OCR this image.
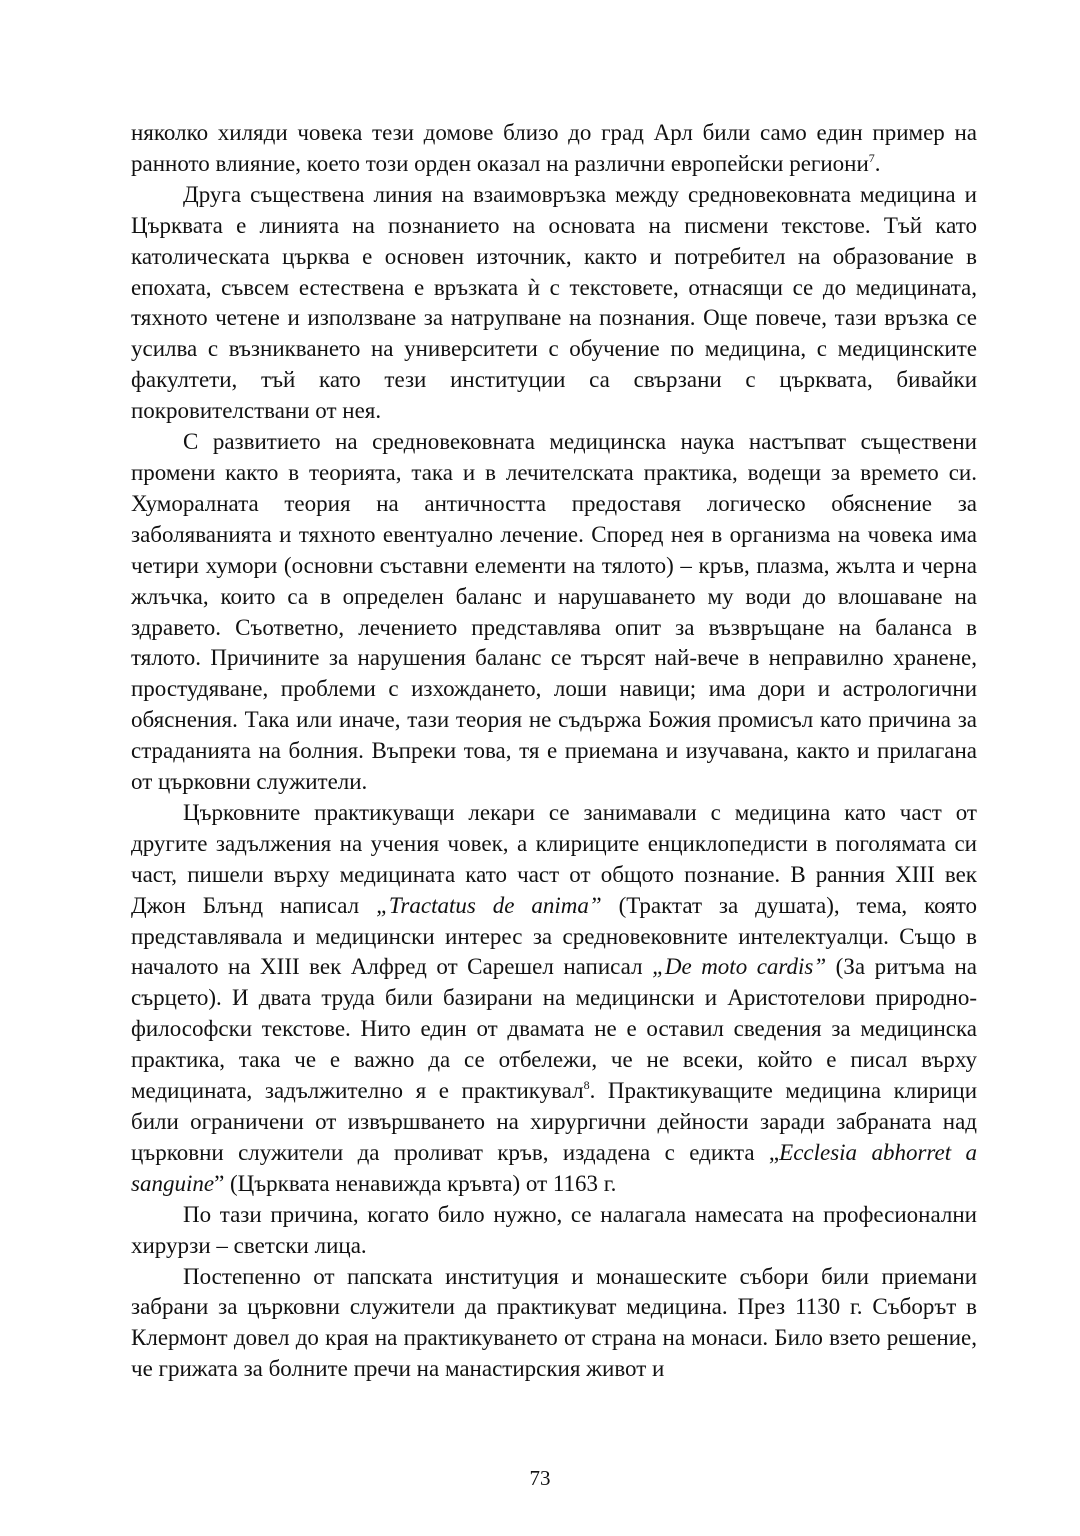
няколко хиляди човека тези домове близо до град Арл били само един пример на ранното влияние, което този орден оказал на различни европейски региони$^7$.

Друга съществена линия на взаимовръзка между средновековната медицина и Църквата е линията на познанието на основата на писмени текстове. Тъй като католическата църква е основен източник, както и потребител на образование в епохата, съвсем естествена е връзката ѝ с текстовете, отнасящи се до медицината, тяхното четене и използване за натрупване на познания. Още повече, тази връзка се усилва с възникването на университети с обучение по медицина, с медицинските факултети, тъй като тези институции са свързани с църквата, бивайки покровителствани от нея.

С развитието на средновековната медицинска наука настъпват съществени промени както в теорията, така и в лечителската практика, водещи за времето си. Хуморалната теория на античността предоставя логическо обяснение за заболяванията и тяхното евентуално лечение. Според нея в организма на човека има четири хумори (основни съставни елементи на тялото) – кръв, плазма, жълта и черна жлъчка, които са в определен баланс и нарушаването му води до влошаване на здравето. Съответно, лечението представлява опит за възвръщане на баланса в тялото. Причините за нарушения баланс се търсят най-вече в неправилно хранене, простудяване, проблеми с изхождането, лоши навици; има дори и астрологични обяснения. Така или иначе, тази теория не съдържа Божия промисъл като причина за страданията на болния. Въпреки това, тя е приемана и изучавана, както и прилагана от църковни служители.

Църковните практикуващи лекари се занимавали с медицина като част от другите задължения на учения човек, а клириците енциклопедисти в поголямата си част, пишели върху медицината като част от общото познание. В ранния XIII век Джон Блънд написал „Tractatus de anima” (Трактат за душата), тема, която представлявала и медицински интерес за средновековните интелектуалци. Също в началото на XIII век Алфред от Сарешел написал „De moto cardis” (За ритъма на сърцето). И двата труда били базирани на медицински и Аристотелови природно-философски текстове. Нито един от двамата не е оставил сведения за медицинска практика, така че е важно да се отбележи, че не всеки, който е писал върху медицината, задължително я е практикувал$^8$. Практикуващите медицина клирици били ограничени от извършването на хирургични дейности заради забраната над църковни служители да проливат кръв, издадена с едикта „Ecclesia abhorret a sanguine” (Църквата ненавижда кръвта) от 1163 г.

По тази причина, когато било нужно, се налагала намесата на професионални хирурзи – светски лица.

Постепенно от папската институция и монашеските събори били приемани забрани за църковни служители да практикуват медицина. През 1130 г. Съборът в Клермонт довел до края на практикуването от страна на монаси. Било взето решение, че грижата за болните пречи на манастирския живот и

73
